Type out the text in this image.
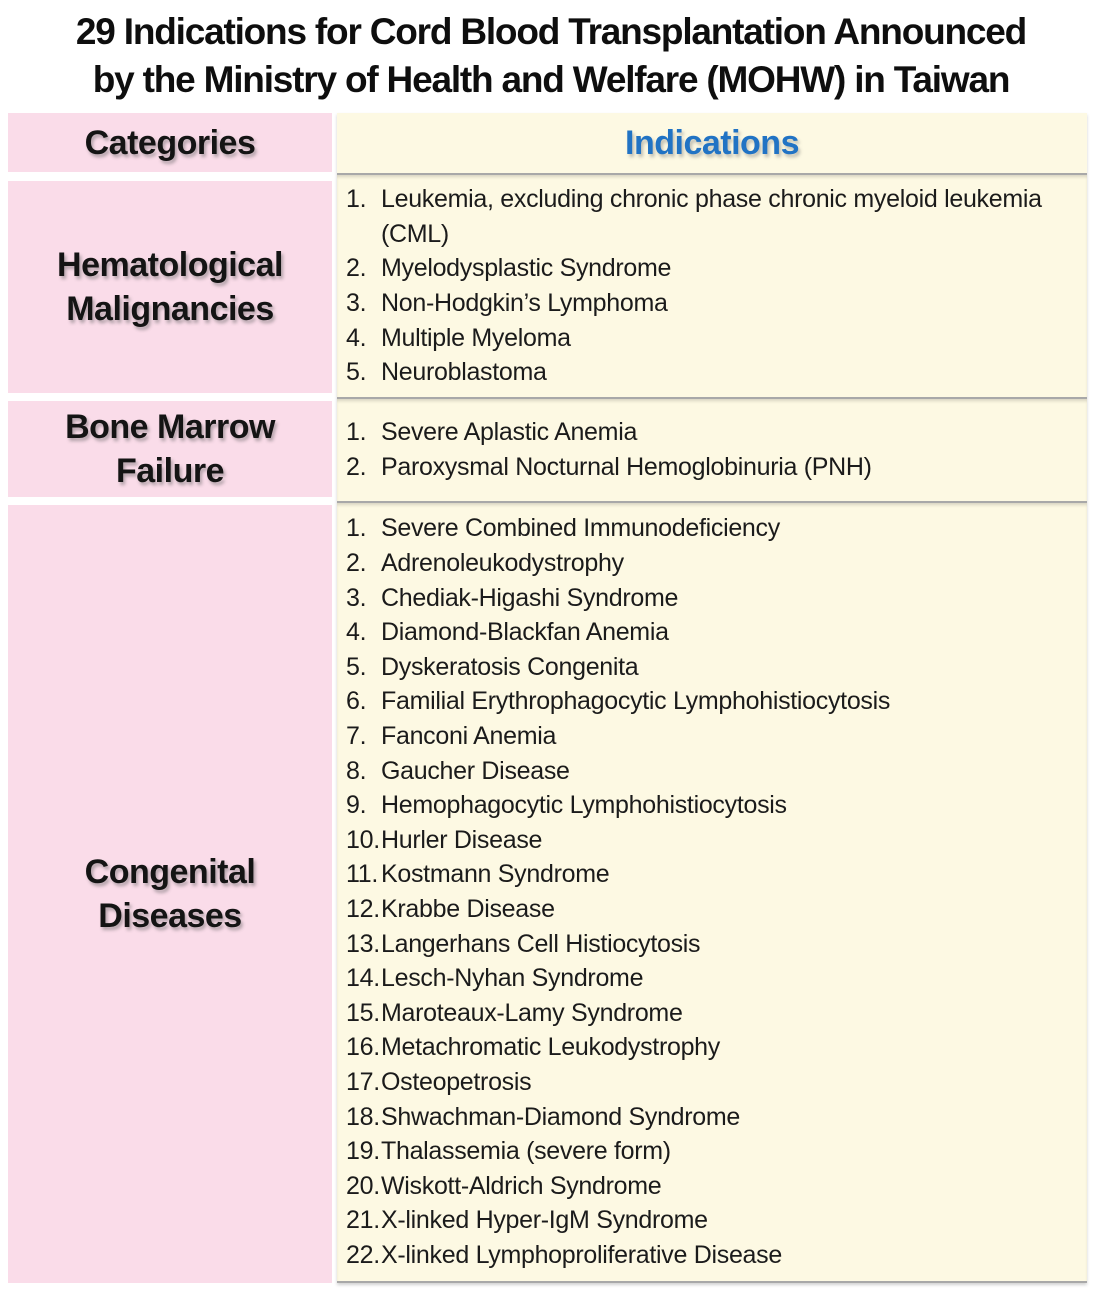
29 Indications for Cord Blood Transplantation Announced
by the Ministry of Health and Welfare (MOHW) in Taiwan
Categories
Hematological
Malignancies
Bone Marrow
Failure
Congenital
Diseases
Indications
1. Leukemia, excluding chronic phase chronic myeloid leukemia (CML)
2. Myelodysplastic Syndrome
3. Non-Hodgkin’s Lymphoma
4. Multiple Myeloma
5. Neuroblastoma
1. Severe Aplastic Anemia
2. Paroxysmal Nocturnal Hemoglobinuria (PNH)
1. Severe Combined Immunodeficiency
2. Adrenoleukodystrophy
3. Chediak-Higashi Syndrome
4. Diamond-Blackfan Anemia
5. Dyskeratosis Congenita
6. Familial Erythrophagocytic Lymphohistiocytosis
7. Fanconi Anemia
8. Gaucher Disease
9. Hemophagocytic Lymphohistiocytosis
10. Hurler Disease
11. Kostmann Syndrome
12. Krabbe Disease
13. Langerhans Cell Histiocytosis
14. Lesch-Nyhan Syndrome
15. Maroteaux-Lamy Syndrome
16. Metachromatic Leukodystrophy
17. Osteopetrosis
18. Shwachman-Diamond Syndrome
19. Thalassemia (severe form)
20. Wiskott-Aldrich Syndrome
21. X-linked Hyper-IgM Syndrome
22. X-linked Lymphoproliferative Disease
